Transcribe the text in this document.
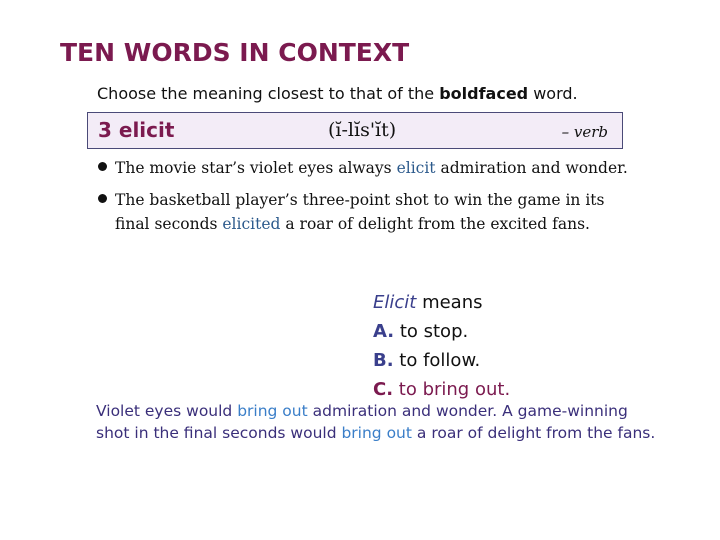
TEN WORDS IN CONTEXT
Choose the meaning closest to that of the boldfaced word.
3 elicit	(ĭ-lĭs'ĭt)	– verb
The movie star’s violet eyes always elicit admiration and wonder.
The basketball player’s three-point shot to win the game in its
final seconds elicited a roar of delight from the excited fans.
Elicit means
A. to stop.
B. to follow.
C. to bring out.
Violet eyes would bring out admiration and wonder. A game-winning
shot in the final seconds would bring out a roar of delight from the fans.
